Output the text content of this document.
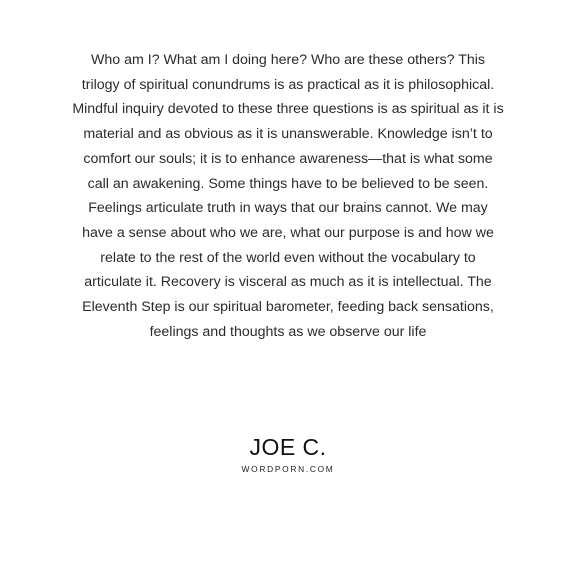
Who am I? What am I doing here? Who are these others? This
trilogy of spiritual conundrums is as practical as it is philosophical.
Mindful inquiry devoted to these three questions is as spiritual as it is
material and as obvious as it is unanswerable. Knowledge isn’t to
comfort our souls; it is to enhance awareness—that is what some
call an awakening. Some things have to be believed to be seen.
Feelings articulate truth in ways that our brains cannot. We may
have a sense about who we are, what our purpose is and how we
relate to the rest of the world even without the vocabulary to
articulate it. Recovery is visceral as much as it is intellectual. The
Eleventh Step is our spiritual barometer, feeding back sensations,
feelings and thoughts as we observe our life
JOE C.
WORDPORN.COM
